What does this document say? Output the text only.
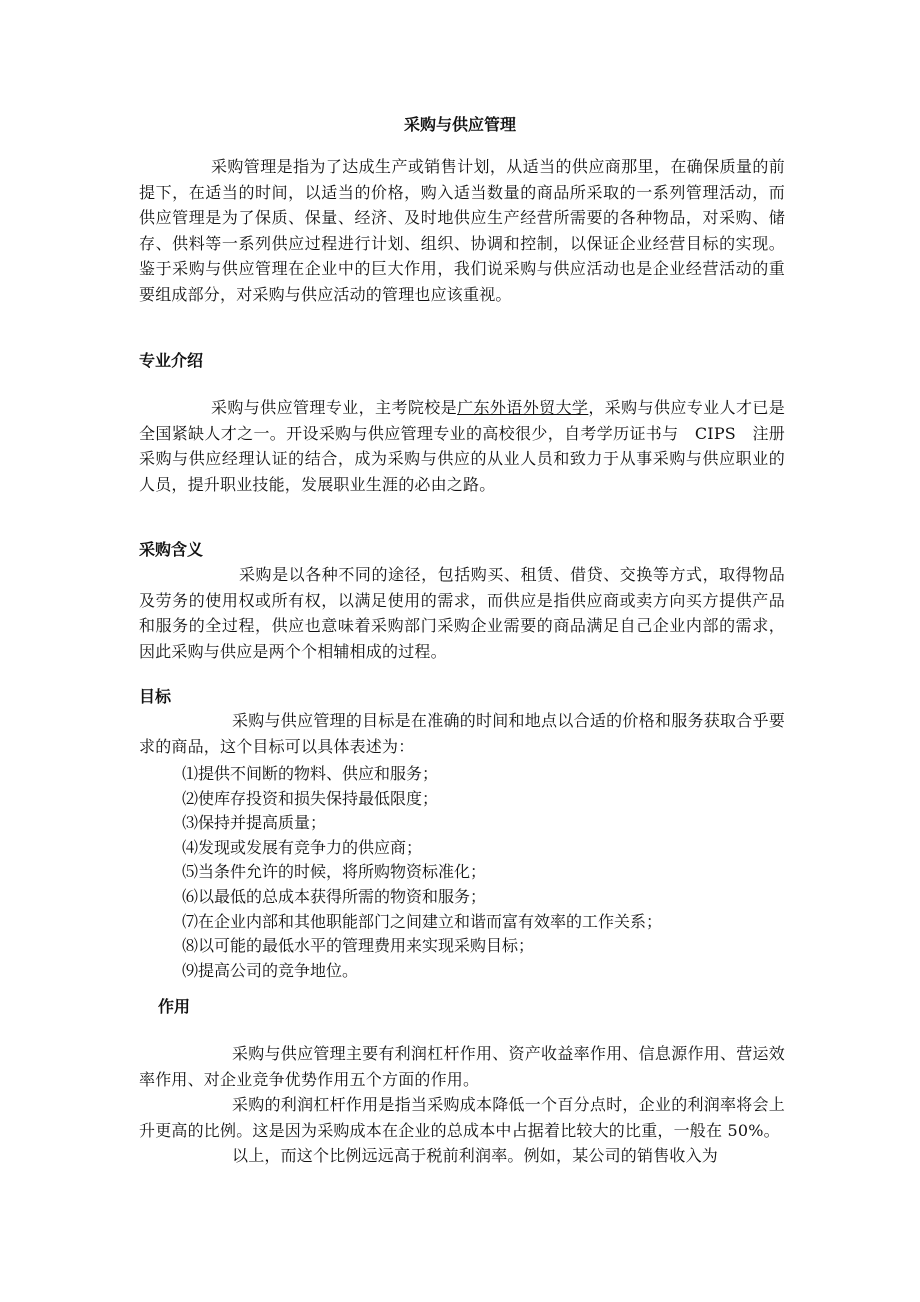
采购与供应管理

采购管理是指为了达成生产或销售计划，从适当的供应商那里，在确保质量的前提下，在适当的时间，以适当的价格，购入适当数量的商品所采取的一系列管理活动，而供应管理是为了保质、保量、经济、及时地供应生产经营所需要的各种物品，对采购、储存、供料等一系列供应过程进行计划、组织、协调和控制，以保证企业经营目标的实现。鉴于采购与供应管理在企业中的巨大作用，我们说采购与供应活动也是企业经营活动的重要组成部分，对采购与供应活动的管理也应该重视。

专业介绍

采购与供应管理专业，主考院校是广东外语外贸大学，采购与供应专业人才已是全国紧缺人才之一。开设采购与供应管理专业的高校很少，自考学历证书与　CIPS　注册采购与供应经理认证的结合，成为采购与供应的从业人员和致力于从事采购与供应职业的人员，提升职业技能，发展职业生涯的必由之路。

采购含义

采购是以各种不同的途径，包括购买、租赁、借贷、交换等方式，取得物品及劳务的使用权或所有权，以满足使用的需求，而供应是指供应商或卖方向买方提供产品和服务的全过程，供应也意味着采购部门采购企业需要的商品满足自己企业内部的需求，因此采购与供应是两个个相辅相成的过程。

目标

采购与供应管理的目标是在准确的时间和地点以合适的价格和服务获取合乎要求的商品，这个目标可以具体表述为：

⑴提供不间断的物料、供应和服务；

⑵使库存投资和损失保持最低限度；

⑶保持并提高质量；

⑷发现或发展有竞争力的供应商；

⑸当条件允许的时候，将所购物资标准化；

⑹以最低的总成本获得所需的物资和服务；

⑺在企业内部和其他职能部门之间建立和谐而富有效率的工作关系；

⑻以可能的最低水平的管理费用来实现采购目标；

⑼提高公司的竞争地位。

作用

采购与供应管理主要有利润杠杆作用、资产收益率作用、信息源作用、营运效率作用、对企业竞争优势作用五个方面的作用。

采购的利润杠杆作用是指当采购成本降低一个百分点时，企业的利润率将会上升更高的比例。这是因为采购成本在企业的总成本中占据着比较大的比重，一般在 50%。

以上，而这个比例远远高于税前利润率。例如，某公司的销售收入为
